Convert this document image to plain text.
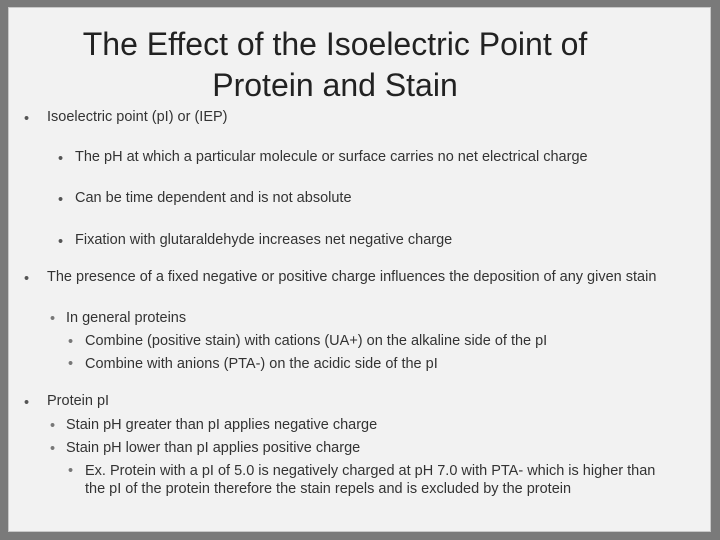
The Effect of the Isoelectric Point of Protein and Stain
• Isoelectric point (pI) or (IEP)
• The pH at which a particular molecule or surface carries no net electrical charge
• Can be time dependent and is not absolute
• Fixation with glutaraldehyde increases net negative charge
• The presence of a fixed negative or positive charge influences the deposition of any given stain
• In general proteins
• Combine (positive stain) with cations (UA+) on the alkaline side of the pI
• Combine with anions (PTA-) on the acidic side of the pI
• Protein pI
• Stain pH greater than pI applies negative charge
• Stain pH lower than pI applies positive charge
• Ex. Protein with a pI of 5.0 is negatively charged at pH 7.0 with PTA- which is higher than the pI of the protein therefore the stain repels and is excluded by the protein
